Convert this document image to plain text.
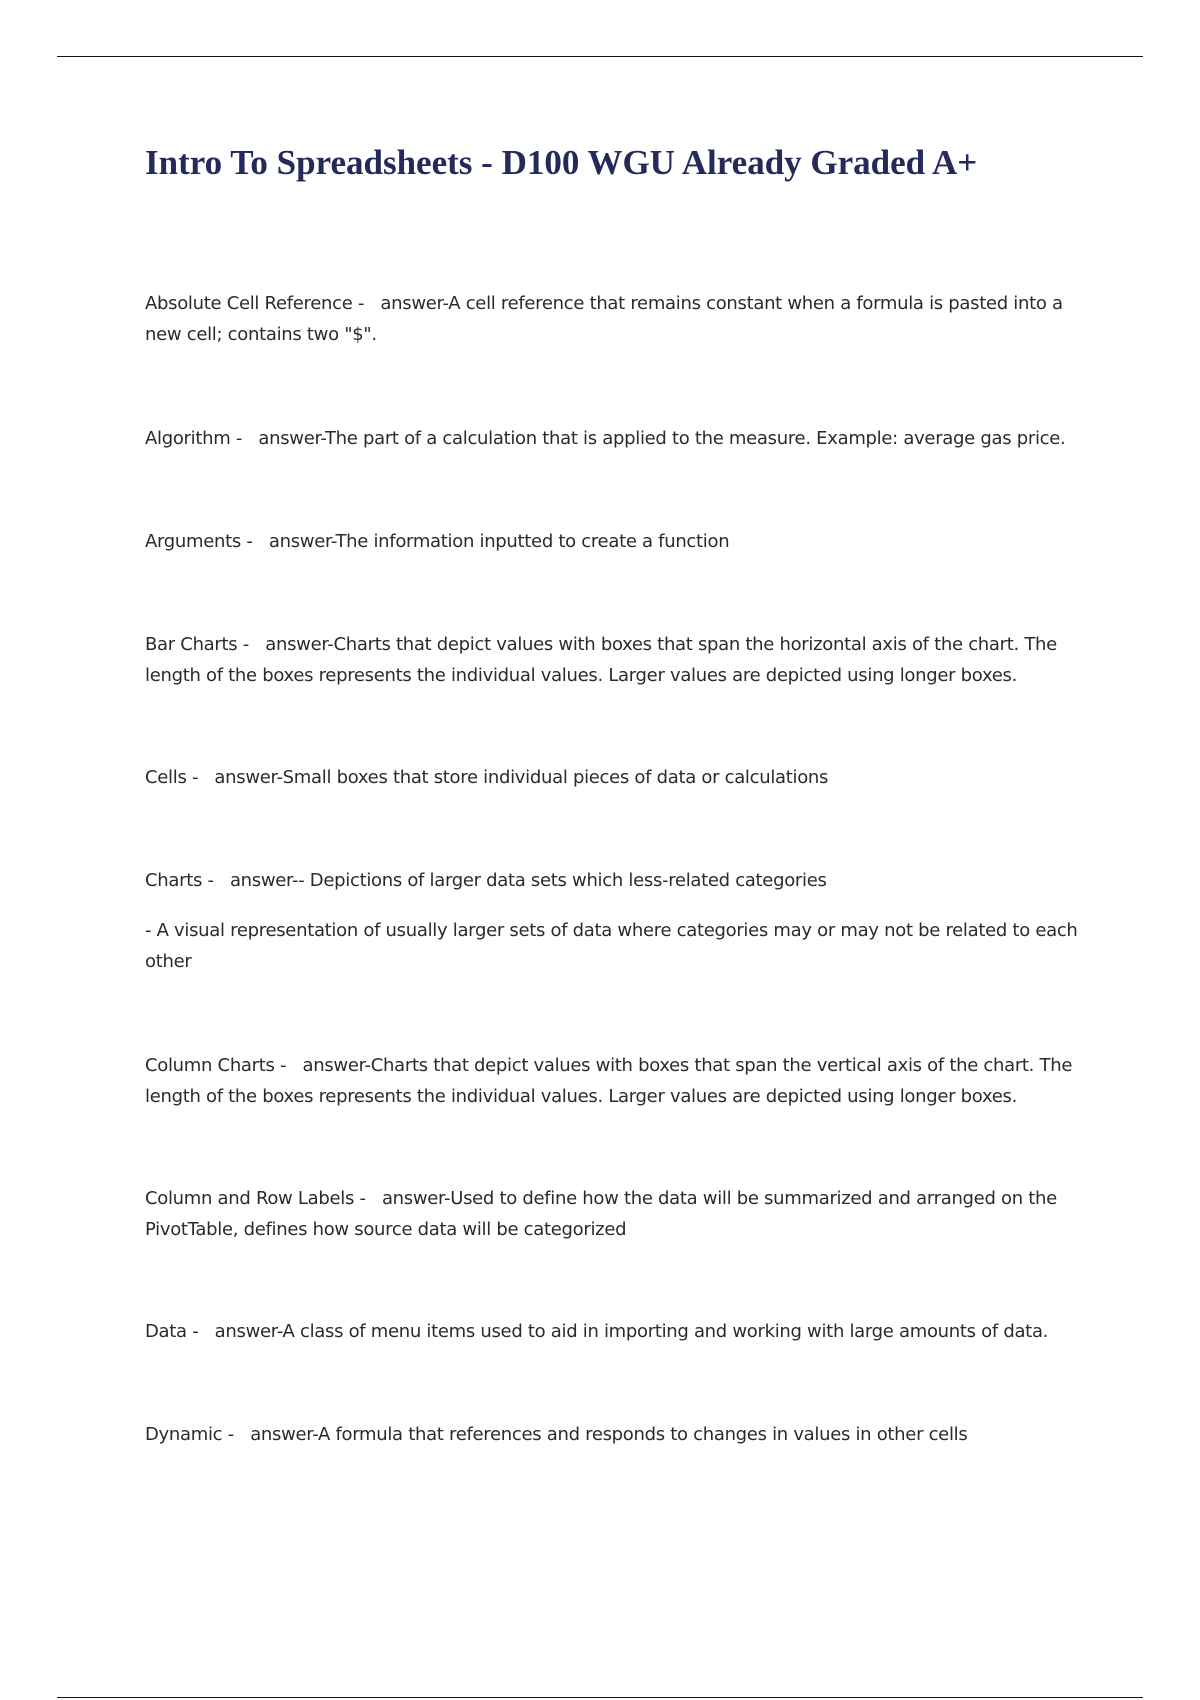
Intro To Spreadsheets - D100 WGU Already Graded A+

Absolute Cell Reference -   answer-A cell reference that remains constant when a formula is pasted into a new cell; contains two "$".

Algorithm -   answer-The part of a calculation that is applied to the measure. Example: average gas price.

Arguments -   answer-The information inputted to create a function

Bar Charts -   answer-Charts that depict values with boxes that span the horizontal axis of the chart. The length of the boxes represents the individual values. Larger values are depicted using longer boxes.

Cells -   answer-Small boxes that store individual pieces of data or calculations

Charts -   answer-- Depictions of larger data sets which less-related categories

- A visual representation of usually larger sets of data where categories may or may not be related to each other

Column Charts -   answer-Charts that depict values with boxes that span the vertical axis of the chart. The length of the boxes represents the individual values. Larger values are depicted using longer boxes.

Column and Row Labels -   answer-Used to define how the data will be summarized and arranged on the PivotTable, defines how source data will be categorized

Data -   answer-A class of menu items used to aid in importing and working with large amounts of data.

Dynamic -   answer-A formula that references and responds to changes in values in other cells
